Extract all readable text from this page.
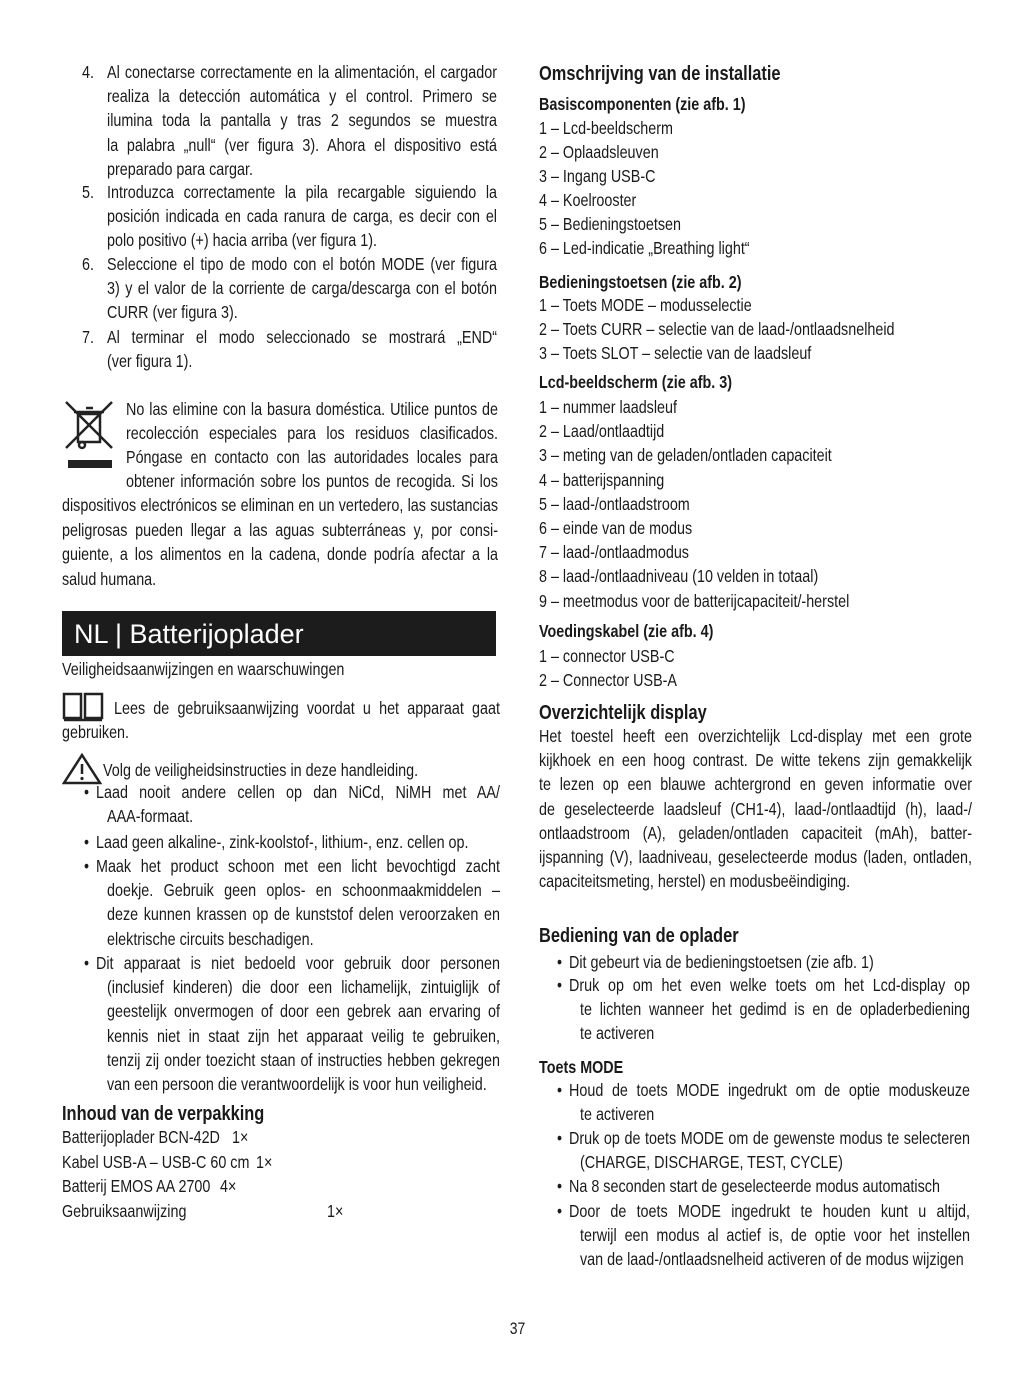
4. Al conectarse correctamente en la alimentación, el cargador
realiza la detección automática y el control. Primero se
ilumina toda la pantalla y tras 2 segundos se muestra
la palabra „null“ (ver figura 3). Ahora el dispositivo está
preparado para cargar.
5. Introduzca correctamente la pila recargable siguiendo la
posición indicada en cada ranura de carga, es decir con el
polo positivo (+) hacia arriba (ver figura 1).
6. Seleccione el tipo de modo con el botón MODE (ver figura
3) y el valor de la corriente de carga/descarga con el botón
CURR (ver figura 3).
7. Al terminar el modo seleccionado se mostrará „END“
(ver figura 1).
No las elimine con la basura doméstica. Utilice puntos de
recolección especiales para los residuos clasificados.
Póngase en contacto con las autoridades locales para
obtener información sobre los puntos de recogida. Si los
dispositivos electrónicos se eliminan en un vertedero, las sustancias
peligrosas pueden llegar a las aguas subterráneas y, por consi-
guiente, a los alimentos en la cadena, donde podría afectar a la
salud humana.
Veiligheidsaanwijzingen en waarschuwingen
Lees de gebruiksaanwijzing voordat u het apparaat gaat
gebruiken.
Volg de veiligheidsinstructies in deze handleiding.
• Laad nooit andere cellen op dan NiCd, NiMH met AA/
AAA-formaat.
• Laad geen alkaline-, zink-koolstof-, lithium-, enz. cellen op.
• Maak het product schoon met een licht bevochtigd zacht
doekje. Gebruik geen oplos- en schoonmaakmiddelen –
deze kunnen krassen op de kunststof delen veroorzaken en
elektrische circuits beschadigen.
• Dit apparaat is niet bedoeld voor gebruik door personen
(inclusief kinderen) die door een lichamelijk, zintuiglijk of
geestelijk onvermogen of door een gebrek aan ervaring of
kennis niet in staat zijn het apparaat veilig te gebruiken,
tenzij zij onder toezicht staan of instructies hebben gekregen
van een persoon die verantwoordelijk is voor hun veiligheid.
Inhoud van de verpakking
Batterijoplader BCN-42D 1×
Kabel USB-A – USB-C 60 cm 1×
Batterij EMOS AA 2700 4×
Gebruiksaanwijzing	1×
Omschrijving van de installatie
Basiscomponenten (zie afb. 1)
1 – Lcd-beeldscherm
2 – Oplaadsleuven
3 – Ingang USB-C
4 – Koelrooster
5 – Bedieningstoetsen
6 – Led-indicatie „Breathing light“
Bedieningstoetsen (zie afb. 2)
1 – Toets MODE – modusselectie
2 – Toets CURR – selectie van de laad-/ontlaadsnelheid
3 – Toets SLOT – selectie van de laadsleuf
Lcd-beeldscherm (zie afb. 3)
1 – nummer laadsleuf
2 – Laad/ontlaadtijd
3 – meting van de geladen/ontladen capaciteit
4 – batterijspanning
5 – laad-/ontlaadstroom
6 – einde van de modus
7 – laad-/ontlaadmodus
8 – laad-/ontlaadniveau (10 velden in totaal)
9 – meetmodus voor de batterijcapaciteit/-herstel
Voedingskabel (zie afb. 4)
1 – connector USB-C
2 – Connector USB-A
Overzichtelijk display
Het toestel heeft een overzichtelijk Lcd-display met een grote
kijkhoek en een hoog contrast. De witte tekens zijn gemakkelijk
te lezen op een blauwe achtergrond en geven informatie over
de geselecteerde laadsleuf (CH1-4), laad-/ontlaadtijd (h), laad-/
ontlaadstroom (A), geladen/ontladen capaciteit (mAh), batter-
ijspanning (V), laadniveau, geselecteerde modus (laden, ontladen,
capaciteitsmeting, herstel) en modusbeëindiging.
Bediening van de oplader
• Dit gebeurt via de bedieningstoetsen (zie afb. 1)
• Druk op om het even welke toets om het Lcd-display op
te lichten wanneer het gedimd is en de opladerbediening
te activeren
Toets MODE
• Houd de toets MODE ingedrukt om de optie moduskeuze
te activeren
• Druk op de toets MODE om de gewenste modus te selecteren
(CHARGE, DISCHARGE, TEST, CYCLE)
• Na 8 seconden start de geselecteerde modus automatisch
• Door de toets MODE ingedrukt te houden kunt u altijd,
terwijl een modus al actief is, de optie voor het instellen
van de laad-/ontlaadsnelheid activeren of de modus wijzigen
NL | Batterijoplader
37
